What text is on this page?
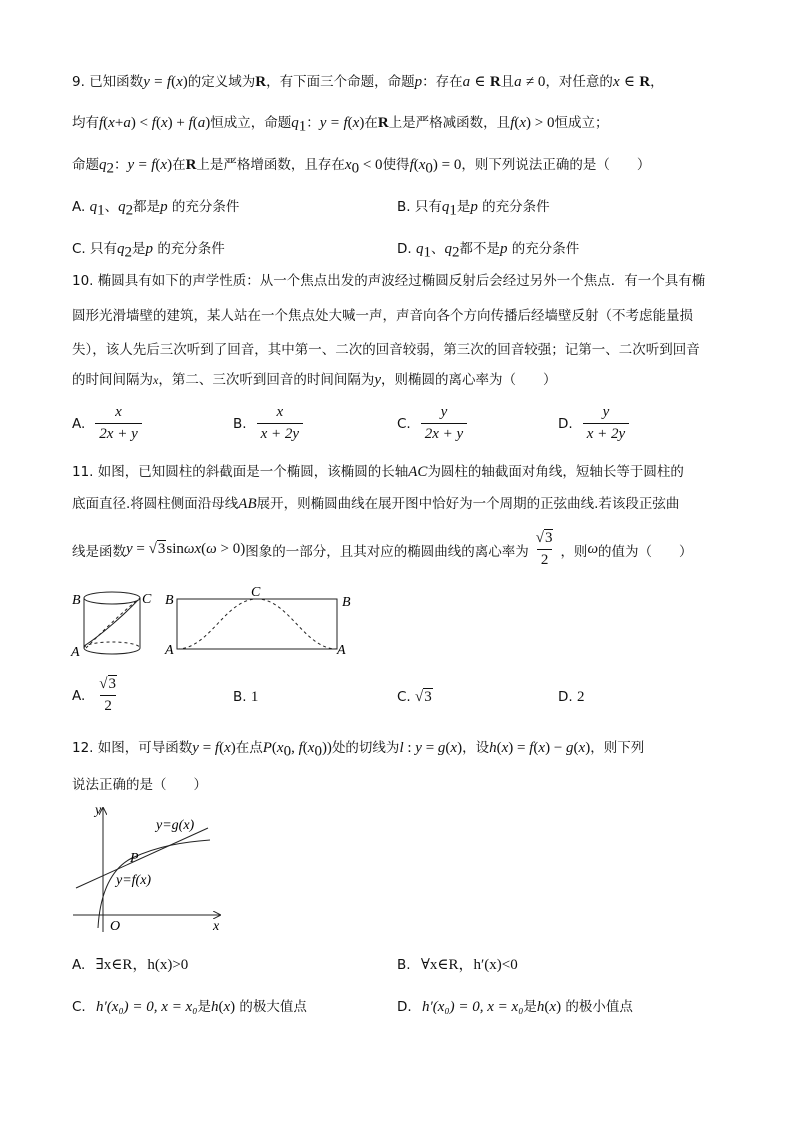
9. 已知函数y = f(x)的定义域为R，有下面三个命题，命题p：存在a ∈ R且a ≠ 0，对任意的x ∈ R，
均有f(x+a) < f(x) + f(a)恒成立，命题$q_1$：y = f(x)在R上是严格减函数，且f(x) > 0恒成立；
命题$q_2$：y = f(x)在R上是严格增函数，且存在$x_0 < 0$使得$f(x_0) = 0$，则下列说法正确的是（　　）
A. $q_1$、$q_2$都是p 的充分条件	B. 只有$q_1$是p 的充分条件
C. 只有$q_2$是p 的充分条件	D. $q_1$、$q_2$都不是p 的充分条件
10. 椭圆具有如下的声学性质：从一个焦点出发的声波经过椭圆反射后会经过另外一个焦点．有一个具有椭
圆形光滑墙壁的建筑，某人站在一个焦点处大喊一声，声音向各个方向传播后经墙壁反射（不考虑能量损
失），该人先后三次听到了回音，其中第一、二次的回音较弱，第三次的回音较强；记第一、二次听到回音
的时间间隔为x，第二、三次听到回音的时间间隔为y，则椭圆的离心率为（　　）
A. $\frac{x}{2x + y}$	B. $\frac{x}{x + 2y}$	C. $\frac{y}{2x + y}$	D. $\frac{y}{x + 2y}$
11. 如图，已知圆柱的斜截面是一个椭圆，该椭圆的长轴AC为圆柱的轴截面对角线，短轴长等于圆柱的
底面直径.将圆柱侧面沿母线AB展开，则椭圆曲线在展开图中恰好为一个周期的正弦曲线.若该段正弦曲
线是函数 y = √3 sin ωx ( ω > 0) 图象的一部分，且其对应的椭圆曲线的离心率为 $\frac{√3}{2}$ ，则 ω 的值为（　　）
B	C
A
B
C
B
A	A
A. $\frac{√3}{2}$	B. 1	C. √3	D. 2
12. 如图，可导函数y = f(x)在点$P(x_0$, $f(x_0)$)处的切线为l : y = g(x)，设h(x) = f(x) − g(x)，则下列
说法正确的是（　　）
y
x
O
P
y=g(x)
y=f(x)
A. ∃x∈R，h(x)>0	B. ∀x∈R，h′(x)<0
C. h′(x₀) = 0, x = x₀是h(x) 的极大值点	D. h′(x₀) = 0, x = x₀是h(x) 的极小值点
